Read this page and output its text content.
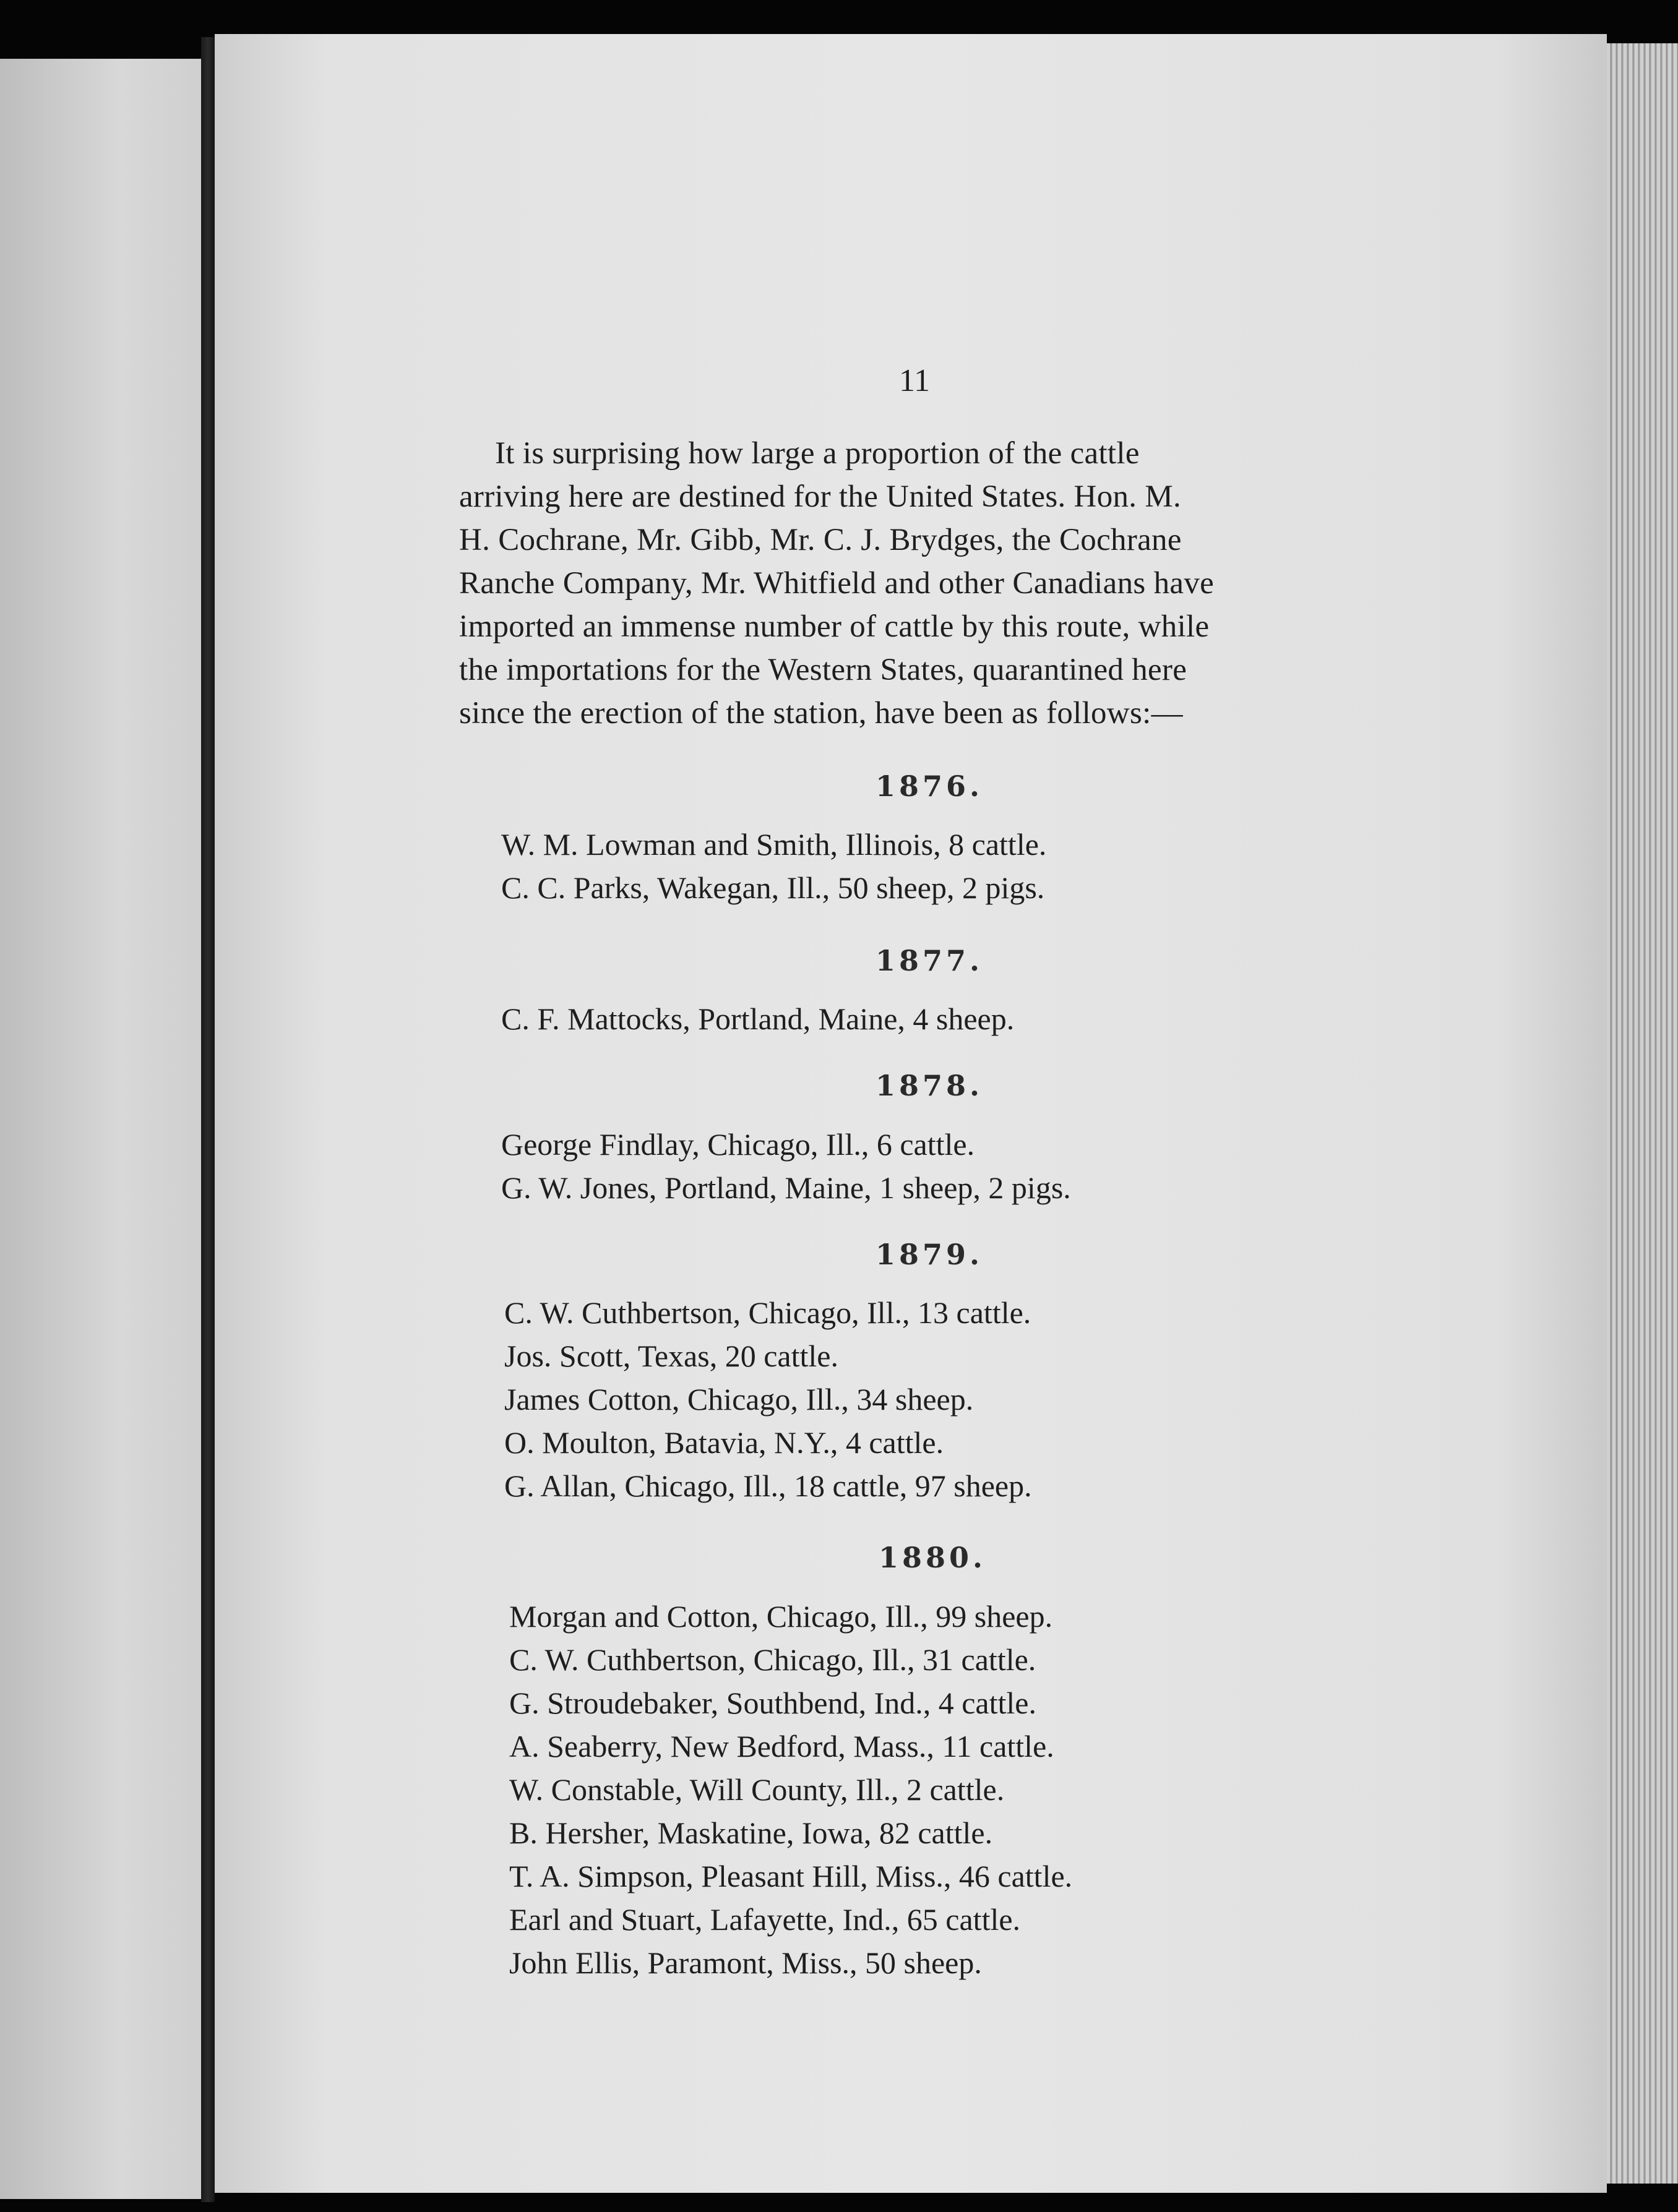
11
It is surprising how large a proportion of the cattle
arriving here are destined for the United States. Hon. M.
H. Cochrane, Mr. Gibb, Mr. C. J. Brydges, the Cochrane
Ranche Company, Mr. Whitfield and other Canadians have
imported an immense number of cattle by this route, while
the importations for the Western States, quarantined here
since the erection of the station, have been as follows:—
1876.
W. M. Lowman and Smith, Illinois, 8 cattle.
C. C. Parks, Wakegan, Ill., 50 sheep, 2 pigs.
1877.
C. F. Mattocks, Portland, Maine, 4 sheep.
1878.
George Findlay, Chicago, Ill., 6 cattle.
G. W. Jones, Portland, Maine, 1 sheep, 2 pigs.
1879.
C. W. Cuthbertson, Chicago, Ill., 13 cattle.
Jos. Scott, Texas, 20 cattle.
James Cotton, Chicago, Ill., 34 sheep.
O. Moulton, Batavia, N.Y., 4 cattle.
G. Allan, Chicago, Ill., 18 cattle, 97 sheep.
1880.
Morgan and Cotton, Chicago, Ill., 99 sheep.
C. W. Cuthbertson, Chicago, Ill., 31 cattle.
G. Stroudebaker, Southbend, Ind., 4 cattle.
A. Seaberry, New Bedford, Mass., 11 cattle.
W. Constable, Will County, Ill., 2 cattle.
B. Hersher, Maskatine, Iowa, 82 cattle.
T. A. Simpson, Pleasant Hill, Miss., 46 cattle.
Earl and Stuart, Lafayette, Ind., 65 cattle.
John Ellis, Paramont, Miss., 50 sheep.
